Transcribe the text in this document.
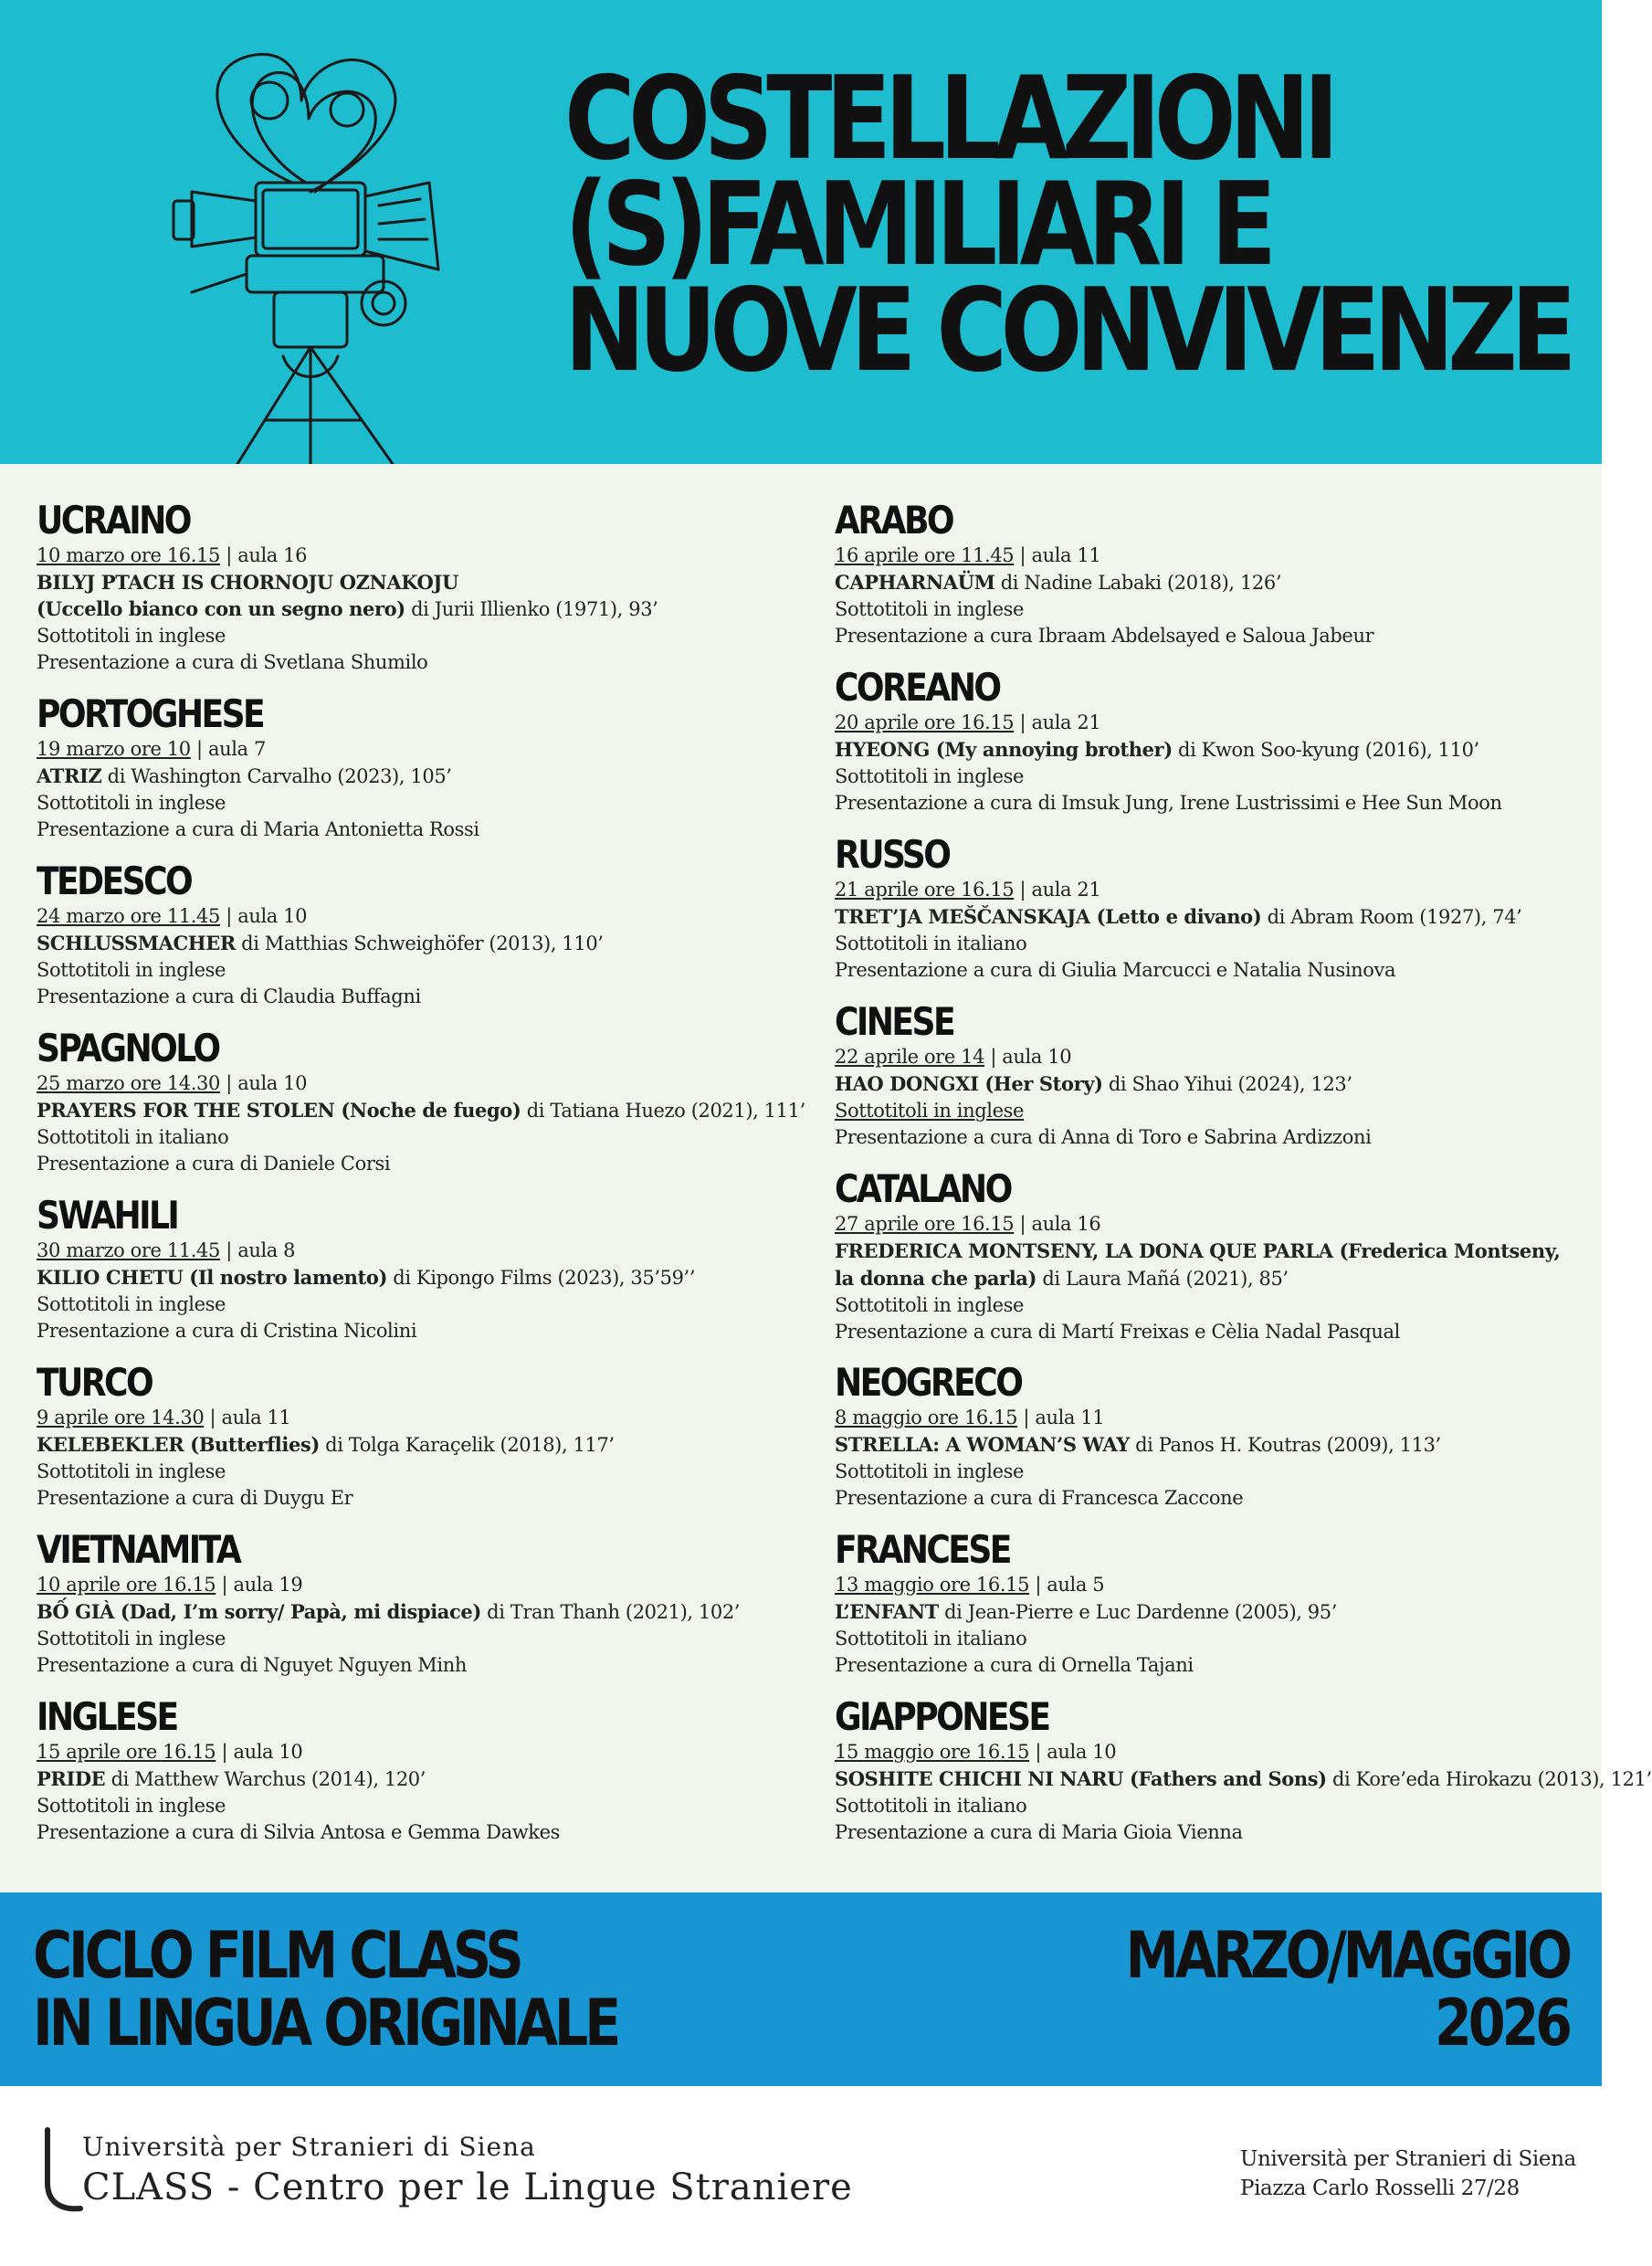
COSTELLAZIONI
(S)FAMILIARI E
NUOVE CONVIVENZE
UCRAINO
10 marzo ore 16.15 | aula 16
BILYJ PTACH IS CHORNOJU OZNAKOJU
(Uccello bianco con un segno nero) di Jurii Illienko (1971), 93’
Sottotitoli in inglese
Presentazione a cura di Svetlana Shumilo
PORTOGHESE
19 marzo ore 10 | aula 7
ATRIZ di Washington Carvalho (2023), 105’
Sottotitoli in inglese
Presentazione a cura di Maria Antonietta Rossi
TEDESCO
24 marzo ore 11.45 | aula 10
SCHLUSSMACHER di Matthias Schweighöfer (2013), 110’
Sottotitoli in inglese
Presentazione a cura di Claudia Buffagni
SPAGNOLO
25 marzo ore 14.30 | aula 10
PRAYERS FOR THE STOLEN (Noche de fuego) di Tatiana Huezo (2021), 111’
Sottotitoli in italiano
Presentazione a cura di Daniele Corsi
SWAHILI
30 marzo ore 11.45 | aula 8
KILIO CHETU (Il nostro lamento) di Kipongo Films (2023), 35’59’’
Sottotitoli in inglese
Presentazione a cura di Cristina Nicolini
TURCO
9 aprile ore 14.30 | aula 11
KELEBEKLER (Butterflies) di Tolga Karaçelik (2018), 117’
Sottotitoli in inglese
Presentazione a cura di Duygu Er
VIETNAMITA
10 aprile ore 16.15 | aula 19
BỐ GIÀ (Dad, I’m sorry/ Papà, mi dispiace) di Tran Thanh (2021), 102’
Sottotitoli in inglese
Presentazione a cura di Nguyet Nguyen Minh
INGLESE
15 aprile ore 16.15 | aula 10
PRIDE di Matthew Warchus (2014), 120’
Sottotitoli in inglese
Presentazione a cura di Silvia Antosa e Gemma Dawkes
ARABO
16 aprile ore 11.45 | aula 11
CAPHARNAÜM di Nadine Labaki (2018), 126’
Sottotitoli in inglese
Presentazione a cura Ibraam Abdelsayed e Saloua Jabeur
COREANO
20 aprile ore 16.15 | aula 21
HYEONG (My annoying brother) di Kwon Soo-kyung (2016), 110’
Sottotitoli in inglese
Presentazione a cura di Imsuk Jung, Irene Lustrissimi e Hee Sun Moon
RUSSO
21 aprile ore 16.15 | aula 21
TRET’JA MEŠČANSKAJA (Letto e divano) di Abram Room (1927), 74’
Sottotitoli in italiano
Presentazione a cura di Giulia Marcucci e Natalia Nusinova
CINESE
22 aprile ore 14 | aula 10
HAO DONGXI (Her Story) di Shao Yihui (2024), 123’
Sottotitoli in inglese
Presentazione a cura di Anna di Toro e Sabrina Ardizzoni
CATALANO
27 aprile ore 16.15 | aula 16
FREDERICA MONTSENY, LA DONA QUE PARLA (Frederica Montseny, la donna che parla) di Laura Mañá (2021), 85’
Sottotitoli in inglese
Presentazione a cura di Martí Freixas e Cèlia Nadal Pasqual
NEOGRECO
8 maggio ore 16.15 | aula 11
STRELLA: A WOMAN’S WAY di Panos H. Koutras (2009), 113’
Sottotitoli in inglese
Presentazione a cura di Francesca Zaccone
FRANCESE
13 maggio ore 16.15 | aula 5
L’ENFANT di Jean-Pierre e Luc Dardenne (2005), 95’
Sottotitoli in italiano
Presentazione a cura di Ornella Tajani
GIAPPONESE
15 maggio ore 16.15 | aula 10
SOSHITE CHICHI NI NARU (Fathers and Sons) di Kore’eda Hirokazu (2013), 121’
Sottotitoli in italiano
Presentazione a cura di Maria Gioia Vienna
CICLO FILM CLASS
IN LINGUA ORIGINALE
MARZO/MAGGIO
2026
Università per Stranieri di Siena
CLASS - Centro per le Lingue Straniere
Università per Stranieri di Siena
Piazza Carlo Rosselli 27/28
